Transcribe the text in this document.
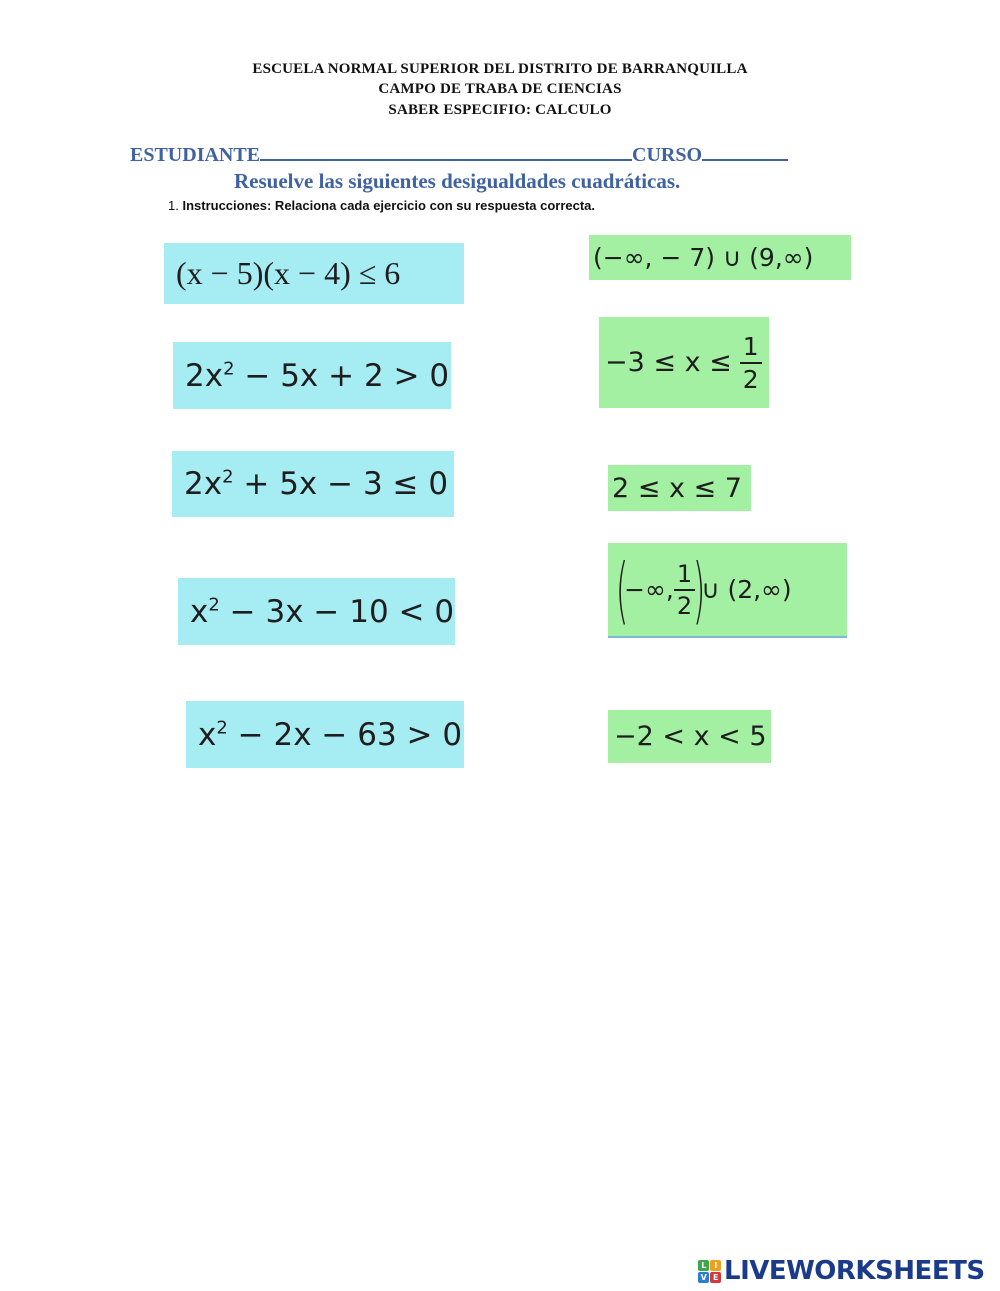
ESCUELA NORMAL SUPERIOR DEL DISTRITO DE BARRANQUILLA
CAMPO DE TRABA DE CIENCIAS
SABER ESPECIFIO: CALCULO
ESTUDIANTE	CURSO
Resuelve las siguientes desigualdades cuadráticas.
1. Instrucciones: Relaciona cada ejercicio con su respuesta correcta.
(x − 5)(x − 4) ≤ 6
$2x^2 - 5x + 2 > 0$
$2x^2 + 5x - 3 \le 0$
$x^2 - 3x - 10 < 0$
$x^2 - 2x - 63 > 0$
(−∞, − 7) ∪ (9,∞)
$-3 \le x \le \frac{1}{2}$
2 ≤ x ≤ 7
(
−∞, $\frac{1}{2}$
)
∪ (2,∞)
−2 < x < 5
L	I
V E LIVEWORKSHEETS
